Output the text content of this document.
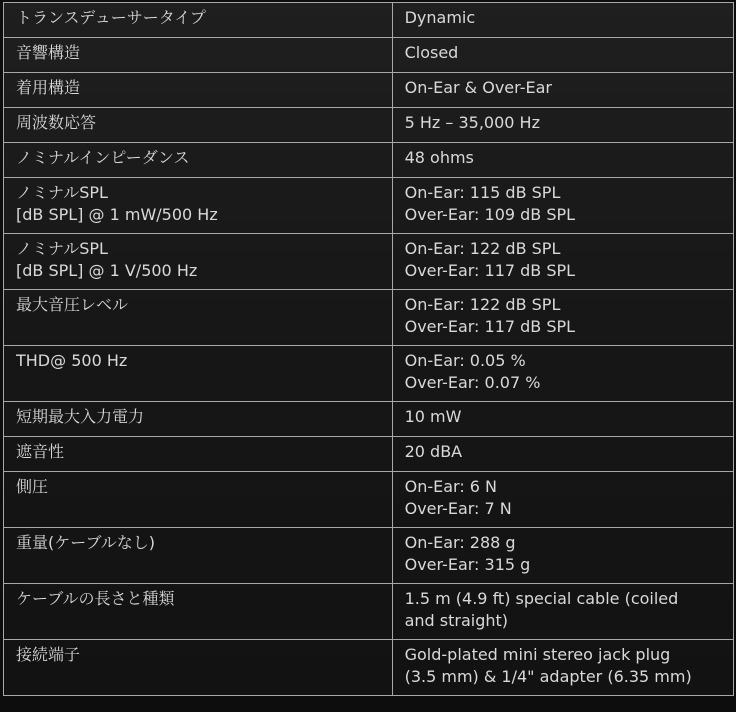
トランスデューサータイプ	Dynamic

音響構造	Closed

着用構造	On-Ear & Over-Ear

周波数応答	5 Hz – 35,000 Hz

ノミナルインピーダンス	48 ohms

ノミナルSPL
[dB SPL] @ 1 mW/500 Hz	On-Ear: 115 dB SPL
Over-Ear: 109 dB SPL

ノミナルSPL
[dB SPL] @ 1 V/500 Hz	On-Ear: 122 dB SPL
Over-Ear: 117 dB SPL

最大音圧レベル	On-Ear: 122 dB SPL
Over-Ear: 117 dB SPL

THD@ 500 Hz	On-Ear: 0.05 %
Over-Ear: 0.07 %

短期最大入力電力	10 mW

遮音性	20 dBA

側圧	On-Ear: 6 N
Over-Ear: 7 N

重量(ケーブルなし)	On-Ear: 288 g
Over-Ear: 315 g

ケーブルの長さと種類	1.5 m (4.9 ft) special cable (coiled
and straight)

接続端子	Gold-plated mini stereo jack plug
(3.5 mm) & 1/4" adapter (6.35 mm)
